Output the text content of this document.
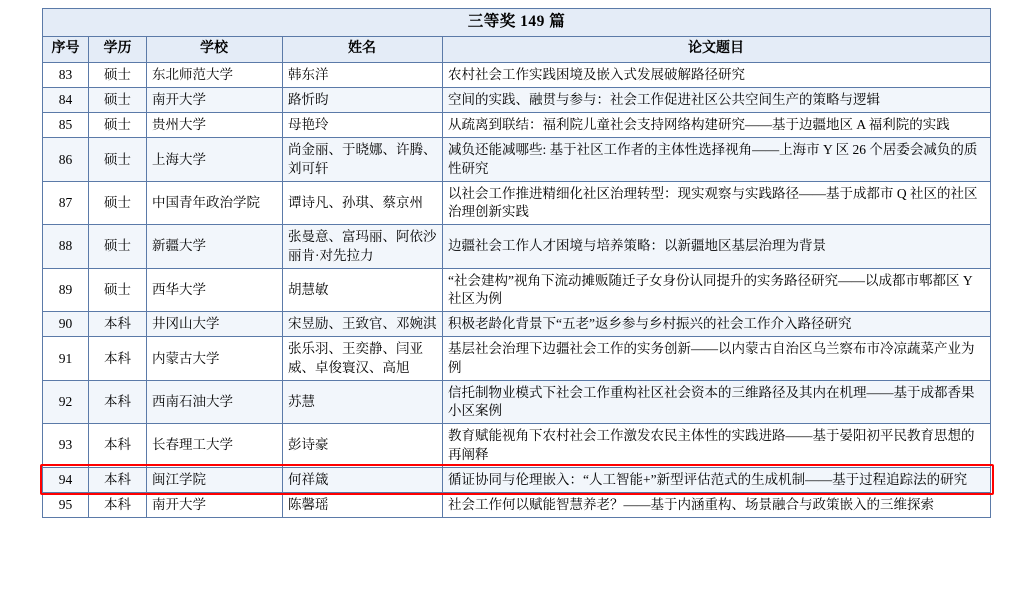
三等奖 149 篇				
序号	学历	学校	姓名	论文题目
83	硕士	东北师范大学	韩东洋	农村社会工作实践困境及嵌入式发展破解路径研究
84	硕士	南开大学	路忻昀	空间的实践、融贯与参与：社会工作促进社区公共空间生产的策略与逻辑
85	硕士	贵州大学	母艳玲	从疏离到联结：福利院儿童社会支持网络构建研究——基于边疆地区 A 福利院的实践
86	硕士	上海大学	尚金丽、于晓娜、许腾、刘可轩	减负还能减哪些: 基于社区工作者的主体性选择视角——上海市 Y 区 26 个居委会减负的质性研究
87	硕士	中国青年政治学院	谭诗凡、孙琪、蔡京州	以社会工作推进精细化社区治理转型：现实观察与实践路径——基于成都市 Q 社区的社区治理创新实践
88	硕士	新疆大学	张曼意、富玛丽、阿依沙丽肯·对先拉力	边疆社会工作人才困境与培养策略：以新疆地区基层治理为背景
89	硕士	西华大学	胡慧敏	“社会建构”视角下流动摊贩随迁子女身份认同提升的实务路径研究——以成都市郫都区 Y 社区为例
90	本科	井冈山大学	宋昱励、王致官、邓婉淇	积极老龄化背景下“五老”返乡参与乡村振兴的社会工作介入路径研究
91	本科	内蒙古大学	张乐羽、王奕静、闫亚威、卓俊寰汉、高旭	基层社会治理下边疆社会工作的实务创新——以内蒙古自治区乌兰察布市冷凉蔬菜产业为例
92	本科	西南石油大学	苏慧	信托制物业模式下社会工作重构社区社会资本的三维路径及其内在机理——基于成都香果小区案例
93	本科	长春理工大学	彭诗豪	教育赋能视角下农村社会工作激发农民主体性的实践进路——基于晏阳初平民教育思想的再阐释
94	本科	闽江学院	何祥箴	循证协同与伦理嵌入：“人工智能+”新型评估范式的生成机制——基于过程追踪法的研究
95	本科	南开大学	陈馨瑶	社会工作何以赋能智慧养老？——基于内涵重构、场景融合与政策嵌入的三维探索
